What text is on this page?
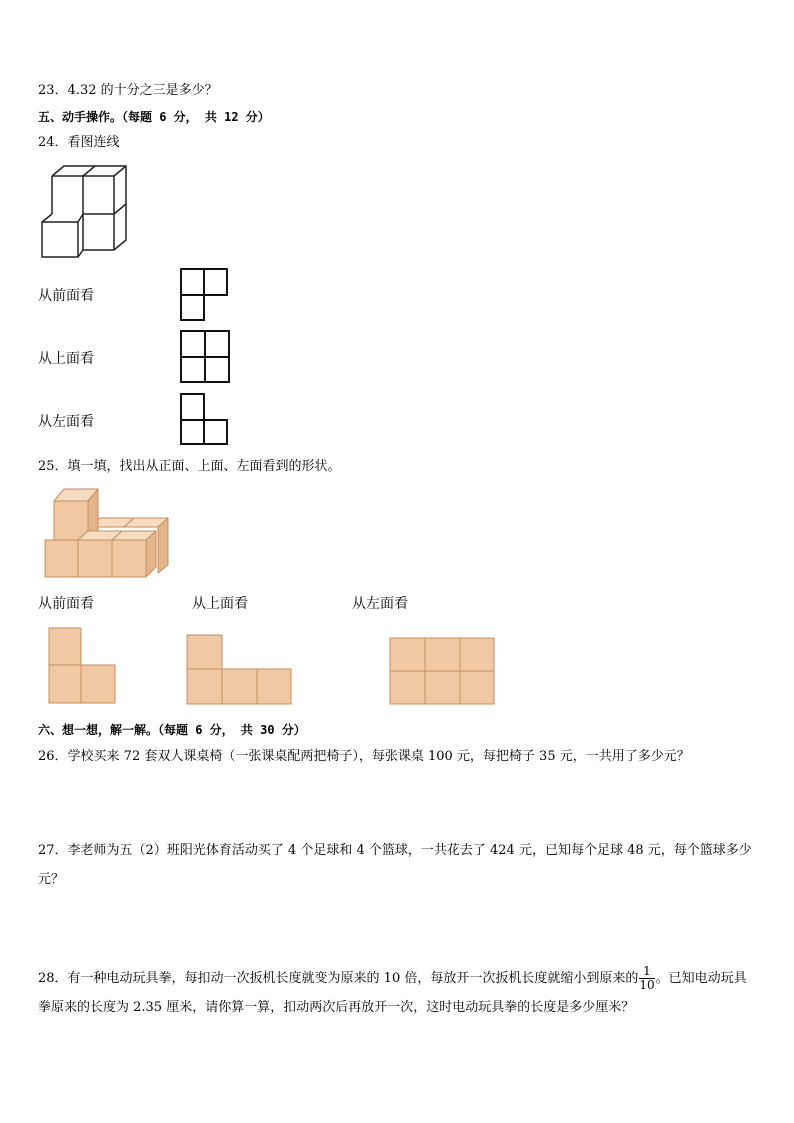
23．4.32 的十分之三是多少？
五、动手操作。（每题 6 分， 共 12 分）
24．看图连线
从前面看
从上面看
从左面看
25．填一填，找出从正面、上面、左面看到的形状。
从前面看	从上面看	从左面看
六、想一想，解一解。（每题 6 分， 共 30 分）
26．学校买来 72 套双人课桌椅（一张课桌配两把椅子），每张课桌 100 元，每把椅子 35 元，一共用了多少元？
27．李老师为五（2）班阳光体育活动买了 4 个足球和 4 个篮球，一共花去了 424 元，已知每个足球 48 元，每个篮球多少元？
28．有一种电动玩具拳，每扣动一次扳机长度就变为原来的 10 倍，每放开一次扳机长度就缩小到原来的 $\frac{1}{10}$ 。已知电动玩具拳原来的长度为 2.35 厘米，请你算一算，扣动两次后再放开一次，这时电动玩具拳的长度是多少厘米？
